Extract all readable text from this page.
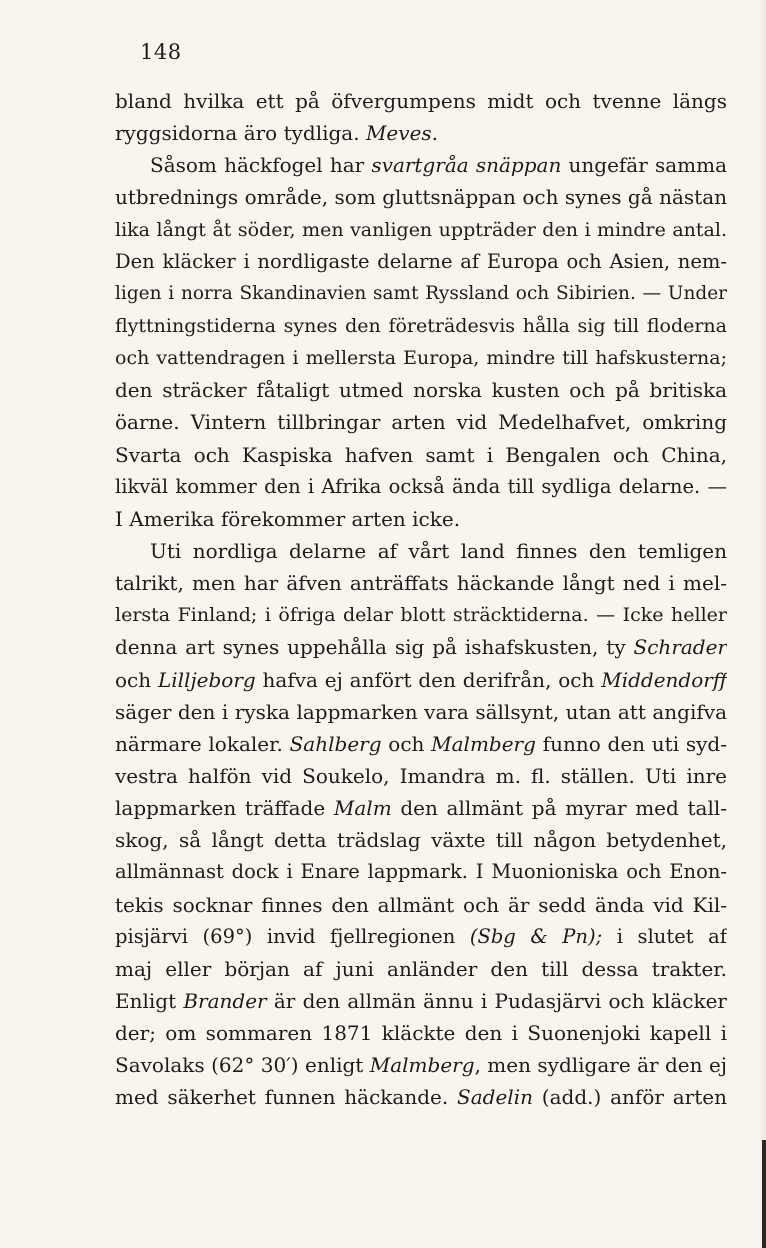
148
bland hvilka ett på öfvergumpens midt och tvenne längs
ryggsidorna äro tydliga. Meves.
Såsom häckfogel har svartgråa snäppan ungefär samma
utbrednings område, som gluttsnäppan och synes gå nästan
lika långt åt söder, men vanligen uppträder den i mindre antal.
Den kläcker i nordligaste delarne af Europa och Asien, nem-
ligen i norra Skandinavien samt Ryssland och Sibirien. — Under
flyttningstiderna synes den företrädesvis hålla sig till floderna
och vattendragen i mellersta Europa, mindre till hafskusterna;
den sträcker fåtaligt utmed norska kusten och på britiska
öarne. Vintern tillbringar arten vid Medelhafvet, omkring
Svarta och Kaspiska hafven samt i Bengalen och China,
likväl kommer den i Afrika också ända till sydliga delarne. —
I Amerika förekommer arten icke.
Uti nordliga delarne af vårt land finnes den temligen
talrikt, men har äfven anträffats häckande långt ned i mel-
lersta Finland; i öfriga delar blott sträcktiderna. — Icke heller
denna art synes uppehålla sig på ishafskusten, ty Schrader
och Lilljeborg hafva ej anfört den derifrån, och Middendorff
säger den i ryska lappmarken vara sällsynt, utan att angifva
närmare lokaler. Sahlberg och Malmberg funno den uti syd-
vestra halfön vid Soukelo, Imandra m. fl. ställen. Uti inre
lappmarken träffade Malm den allmänt på myrar med tall-
skog, så långt detta trädslag växte till någon betydenhet,
allmännast dock i Enare lappmark. I Muonioniska och Enon-
tekis socknar finnes den allmänt och är sedd ända vid Kil-
pisjärvi (69°) invid fjellregionen (Sbg & Pn); i slutet af
maj eller början af juni anländer den till dessa trakter.
Enligt Brander är den allmän ännu i Pudasjärvi och kläcker
der; om sommaren 1871 kläckte den i Suonenjoki kapell i
Savolaks (62° 30′) enligt Malmberg, men sydligare är den ej
med säkerhet funnen häckande. Sadelin (add.) anför arten
